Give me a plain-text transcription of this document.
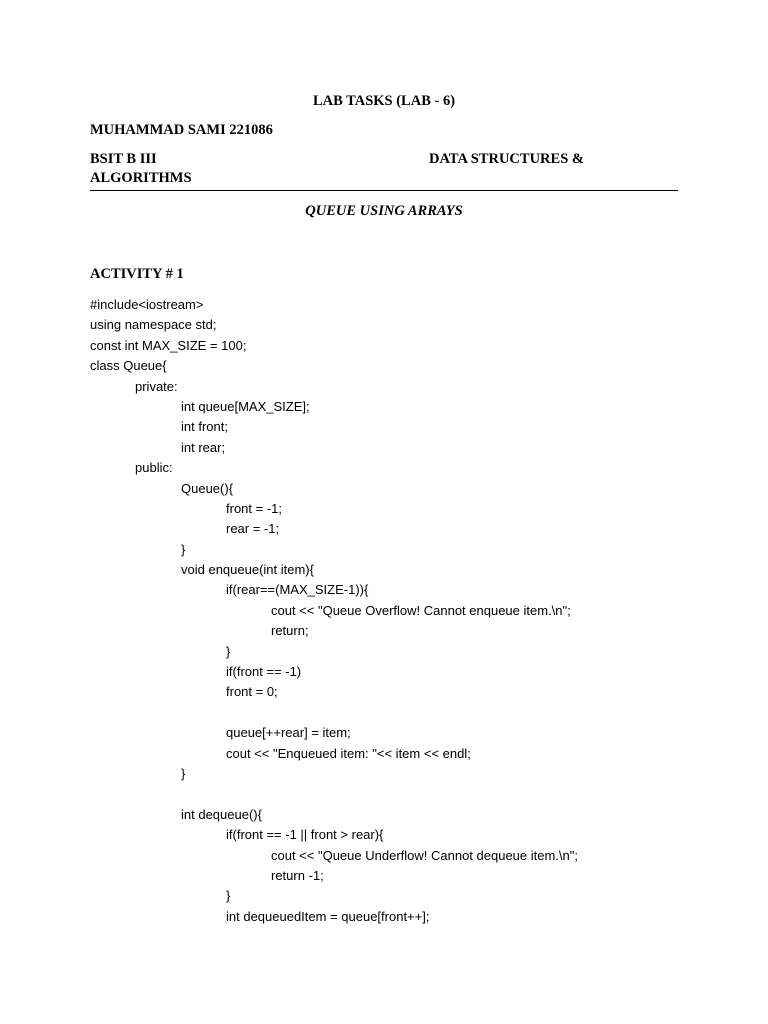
LAB TASKS (LAB - 6)
MUHAMMAD SAMI 221086
BSIT B III	DATA STRUCTURES &
ALGORITHMS
QUEUE USING ARRAYS
ACTIVITY # 1
#include<iostream>
using namespace std;
const int MAX_SIZE = 100;
class Queue{
private:
int queue[MAX_SIZE];
int front;
int rear;
public:
Queue(){
front = -1;
rear = -1;
}
void enqueue(int item){
if(rear==(MAX_SIZE-1)){
cout << "Queue Overflow! Cannot enqueue item.\n";
return;
}
if(front == -1)
front = 0;
queue[++rear] = item;
cout << "Enqueued item: "<< item << endl;
}
int dequeue(){
if(front == -1 || front > rear){
cout << "Queue Underflow! Cannot dequeue item.\n";
return -1;
}
int dequeuedItem = queue[front++];
